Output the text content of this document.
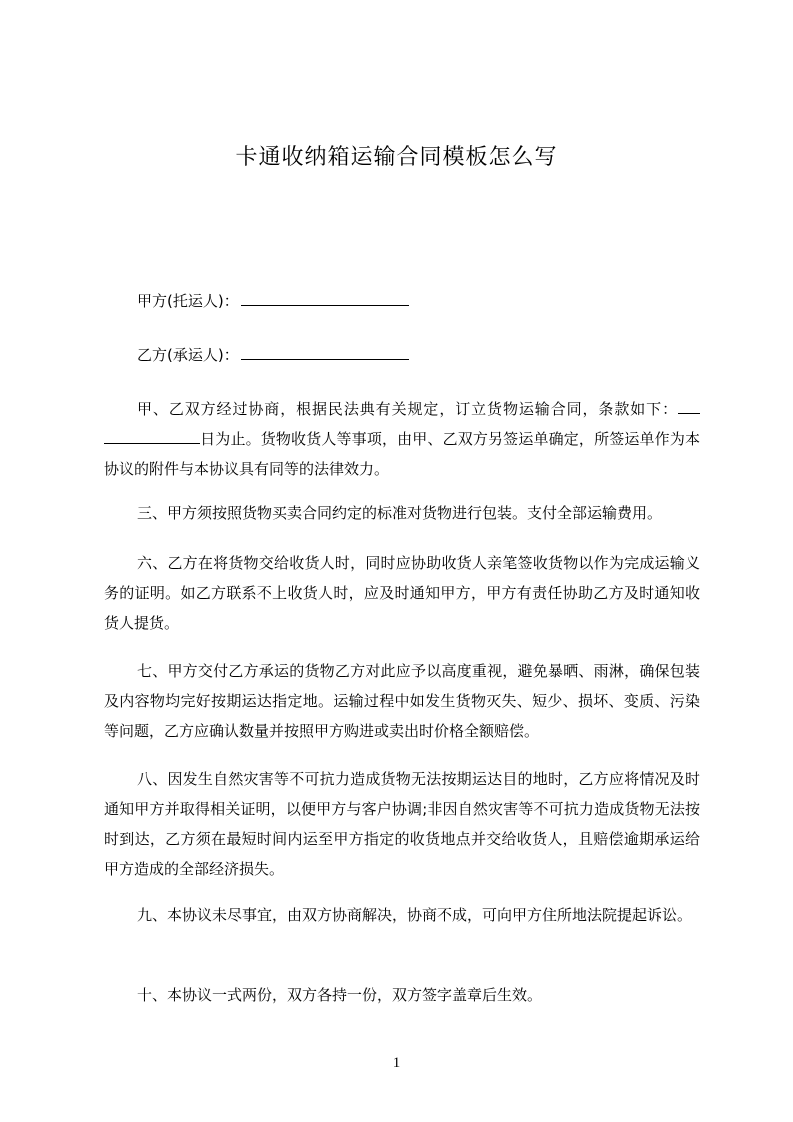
卡通收纳箱运输合同模板怎么写
甲方(托运人)：
乙方(承运人)：

甲、乙双方经过协商，根据民法典有关规定，订立货物运输合同，条款如下： 日为止。货物收货人等事项，由甲、乙双方另签运单确定，所签运单作为本协议的附件与本协议具有同等的法律效力。

三、甲方须按照货物买卖合同约定的标准对货物进行包装。支付全部运输费用。

六、乙方在将货物交给收货人时，同时应协助收货人亲笔签收货物以作为完成运输义务的证明。如乙方联系不上收货人时，应及时通知甲方，甲方有责任协助乙方及时通知收货人提货。

七、甲方交付乙方承运的货物乙方对此应予以高度重视，避免暴晒、雨淋，确保包装及内容物均完好按期运达指定地。运输过程中如发生货物灭失、短少、损坏、变质、污染等问题，乙方应确认数量并按照甲方购进或卖出时价格全额赔偿。

八、因发生自然灾害等不可抗力造成货物无法按期运达目的地时，乙方应将情况及时通知甲方并取得相关证明，以便甲方与客户协调;非因自然灾害等不可抗力造成货物无法按时到达，乙方须在最短时间内运至甲方指定的收货地点并交给收货人，且赔偿逾期承运给甲方造成的全部经济损失。

九、本协议未尽事宜，由双方协商解决，协商不成，可向甲方住所地法院提起诉讼。

十、本协议一式两份，双方各持一份，双方签字盖章后生效。

1
